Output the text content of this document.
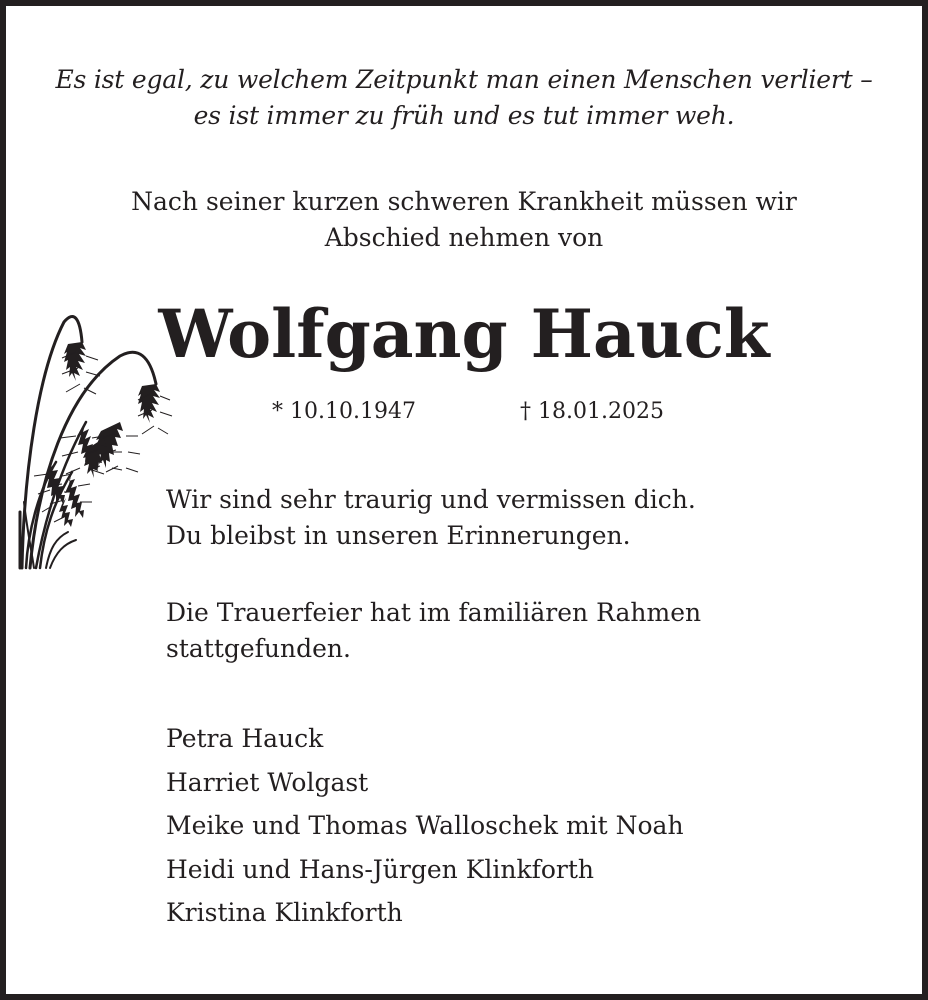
Es ist egal, zu welchem Zeitpunkt man einen Menschen verliert –
es ist immer zu früh und es tut immer weh.
Nach seiner kurzen schweren Krankheit müssen wir
Abschied nehmen von
Wolfgang Hauck
* 10.10.1947	† 18.01.2025
Wir sind sehr traurig und vermissen dich.
Du bleibst in unseren Erinnerungen.
Die Trauerfeier hat im familiären Rahmen
stattgefunden.
Petra Hauck
Harriet Wolgast
Meike und Thomas Walloschek mit Noah
Heidi und Hans-Jürgen Klinkforth
Kristina Klinkforth
